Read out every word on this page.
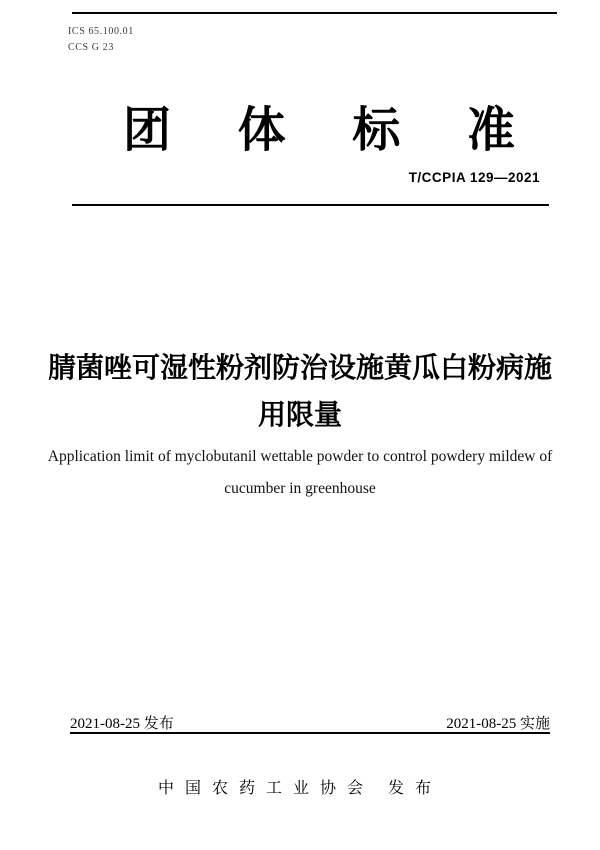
ICS 65.100.01
CCS G 23
团 体 标 准
T/CCPIA 129—2021
腈菌唑可湿性粉剂防治设施黄瓜白粉病施
用限量
Application limit of myclobutanil wettable powder to control powdery mildew of
cucumber in greenhouse
2021-08-25 发布	2021-08-25 实施
中国农药工业协会 发布
